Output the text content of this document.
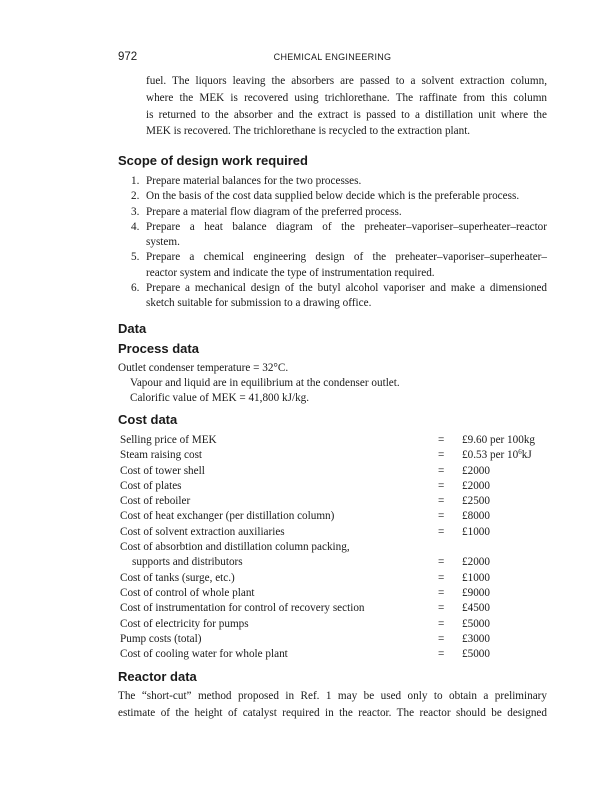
972	CHEMICAL ENGINEERING
fuel. The liquors leaving the absorbers are passed to a solvent extraction column,
where the MEK is recovered using trichlorethane. The raffinate from this column
is returned to the absorber and the extract is passed to a distillation unit where the
MEK is recovered. The trichlorethane is recycled to the extraction plant.
Scope of design work required
1. Prepare material balances for the two processes.
2. On the basis of the cost data supplied below decide which is the preferable process.
3. Prepare a material flow diagram of the preferred process.
4. Prepare a heat balance diagram of the preheater–vaporiser–superheater–reactor
system.
5. Prepare a chemical engineering design of the preheater–vaporiser–superheater–
reactor system and indicate the type of instrumentation required.
6. Prepare a mechanical design of the butyl alcohol vaporiser and make a dimensioned
sketch suitable for submission to a drawing office.
Data
Process data
Outlet condenser temperature = 32°C.
Vapour and liquid are in equilibrium at the condenser outlet.
Calorific value of MEK = 41,800 kJ/kg.
Cost data
Selling price of MEK	= £9.60 per 100kg
Steam raising cost	= £0.53 per $10^6kJ$
Cost of tower shell	= £2000
Cost of plates	= £2000
Cost of reboiler	= £2500
Cost of heat exchanger (per distillation column)	= £8000
Cost of solvent extraction auxiliaries	= £1000
Cost of absorbtion and distillation column packing,
supports and distributors	= £2000
Cost of tanks (surge, etc.)	= £1000
Cost of control of whole plant	= £9000
Cost of instrumentation for control of recovery section	= £4500
Cost of electricity for pumps	= £5000
Pump costs (total)	= £3000
Cost of cooling water for whole plant	= £5000
Reactor data
The “short-cut” method proposed in Ref. 1 may be used only to obtain a preliminary
estimate of the height of catalyst required in the reactor. The reactor should be designed
